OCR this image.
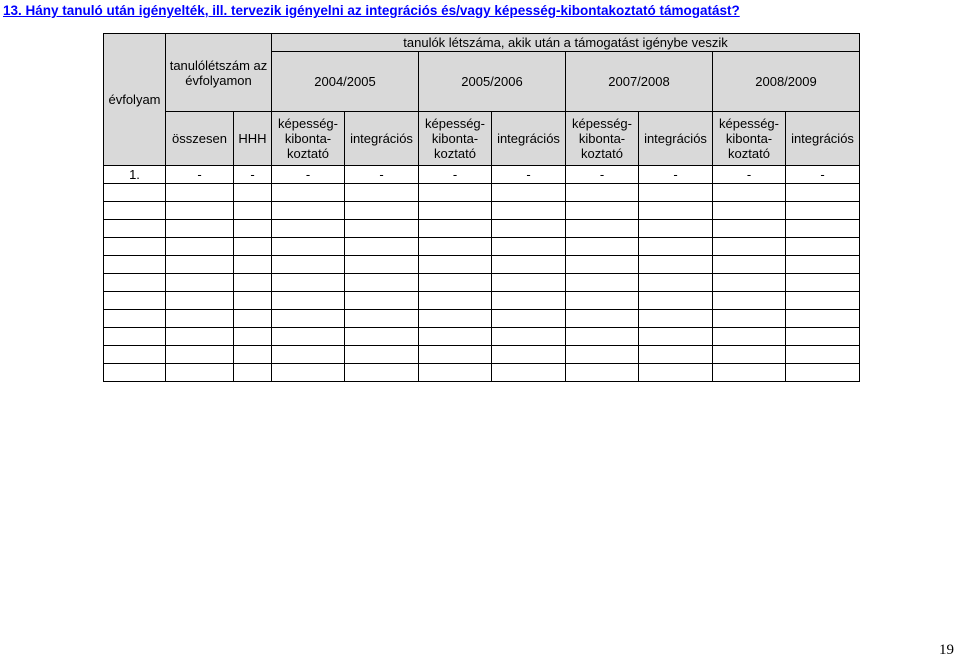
13. Hány tanuló után igényelték, ill. tervezik igényelni az integrációs és/vagy képesség-kibontakoztató támogatást?
évfolyam	tanulólétszám az évfolyamon		tanulók létszáma, akik után a támogatást igénybe veszik							
			2004/2005		2005/2006		2007/2008		2008/2009	
	összesen	HHH	képesség-kibonta-koztató	integrációs	képesség-kibonta-koztató	integrációs	képesség-kibonta-koztató	integrációs	képesség-kibonta-koztató	integrációs
1.	-	-	-	-	-	-	-	-	-	-

19
